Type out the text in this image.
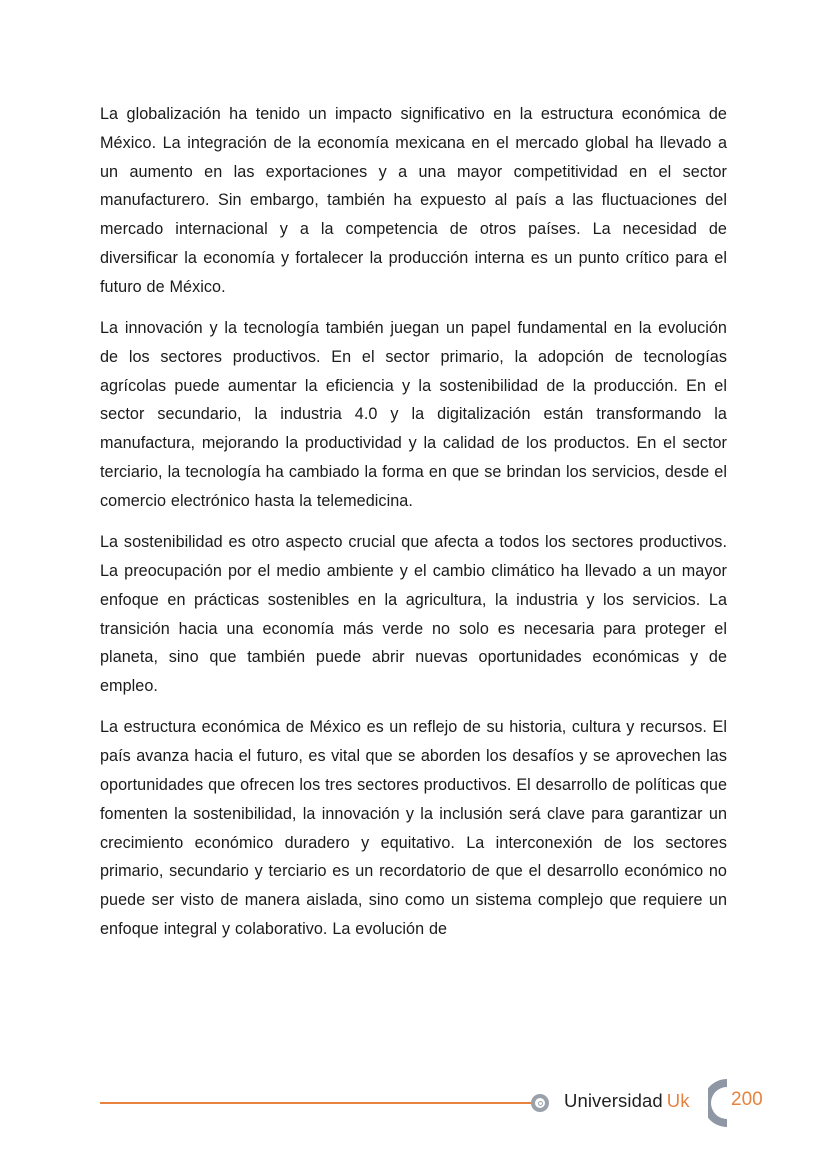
La globalización ha tenido un impacto significativo en la estructura económica de México. La integración de la economía mexicana en el mercado global ha llevado a un aumento en las exportaciones y a una mayor competitividad en el sector manufacturero. Sin embargo, también ha expuesto al país a las fluctuaciones del mercado internacional y a la competencia de otros países. La necesidad de diversificar la economía y fortalecer la producción interna es un punto crítico para el futuro de México.

La innovación y la tecnología también juegan un papel fundamental en la evolución de los sectores productivos. En el sector primario, la adopción de tecnologías agrícolas puede aumentar la eficiencia y la sostenibilidad de la producción. En el sector secundario, la industria 4.0 y la digitalización están transformando la manufactura, mejorando la productividad y la calidad de los productos. En el sector terciario, la tecnología ha cambiado la forma en que se brindan los servicios, desde el comercio electrónico hasta la telemedicina.

La sostenibilidad es otro aspecto crucial que afecta a todos los sectores productivos. La preocupación por el medio ambiente y el cambio climático ha llevado a un mayor enfoque en prácticas sostenibles en la agricultura, la industria y los servicios. La transición hacia una economía más verde no solo es necesaria para proteger el planeta, sino que también puede abrir nuevas oportunidades económicas y de empleo.

La estructura económica de México es un reflejo de su historia, cultura y recursos. El país avanza hacia el futuro, es vital que se aborden los desafíos y se aprovechen las oportunidades que ofrecen los tres sectores productivos. El desarrollo de políticas que fomenten la sostenibilidad, la innovación y la inclusión será clave para garantizar un crecimiento económico duradero y equitativo. La interconexión de los sectores primario, secundario y terciario es un recordatorio de que el desarrollo económico no puede ser visto de manera aislada, sino como un sistema complejo que requiere un enfoque integral y colaborativo. La evolución de

Universidad Uk 200
